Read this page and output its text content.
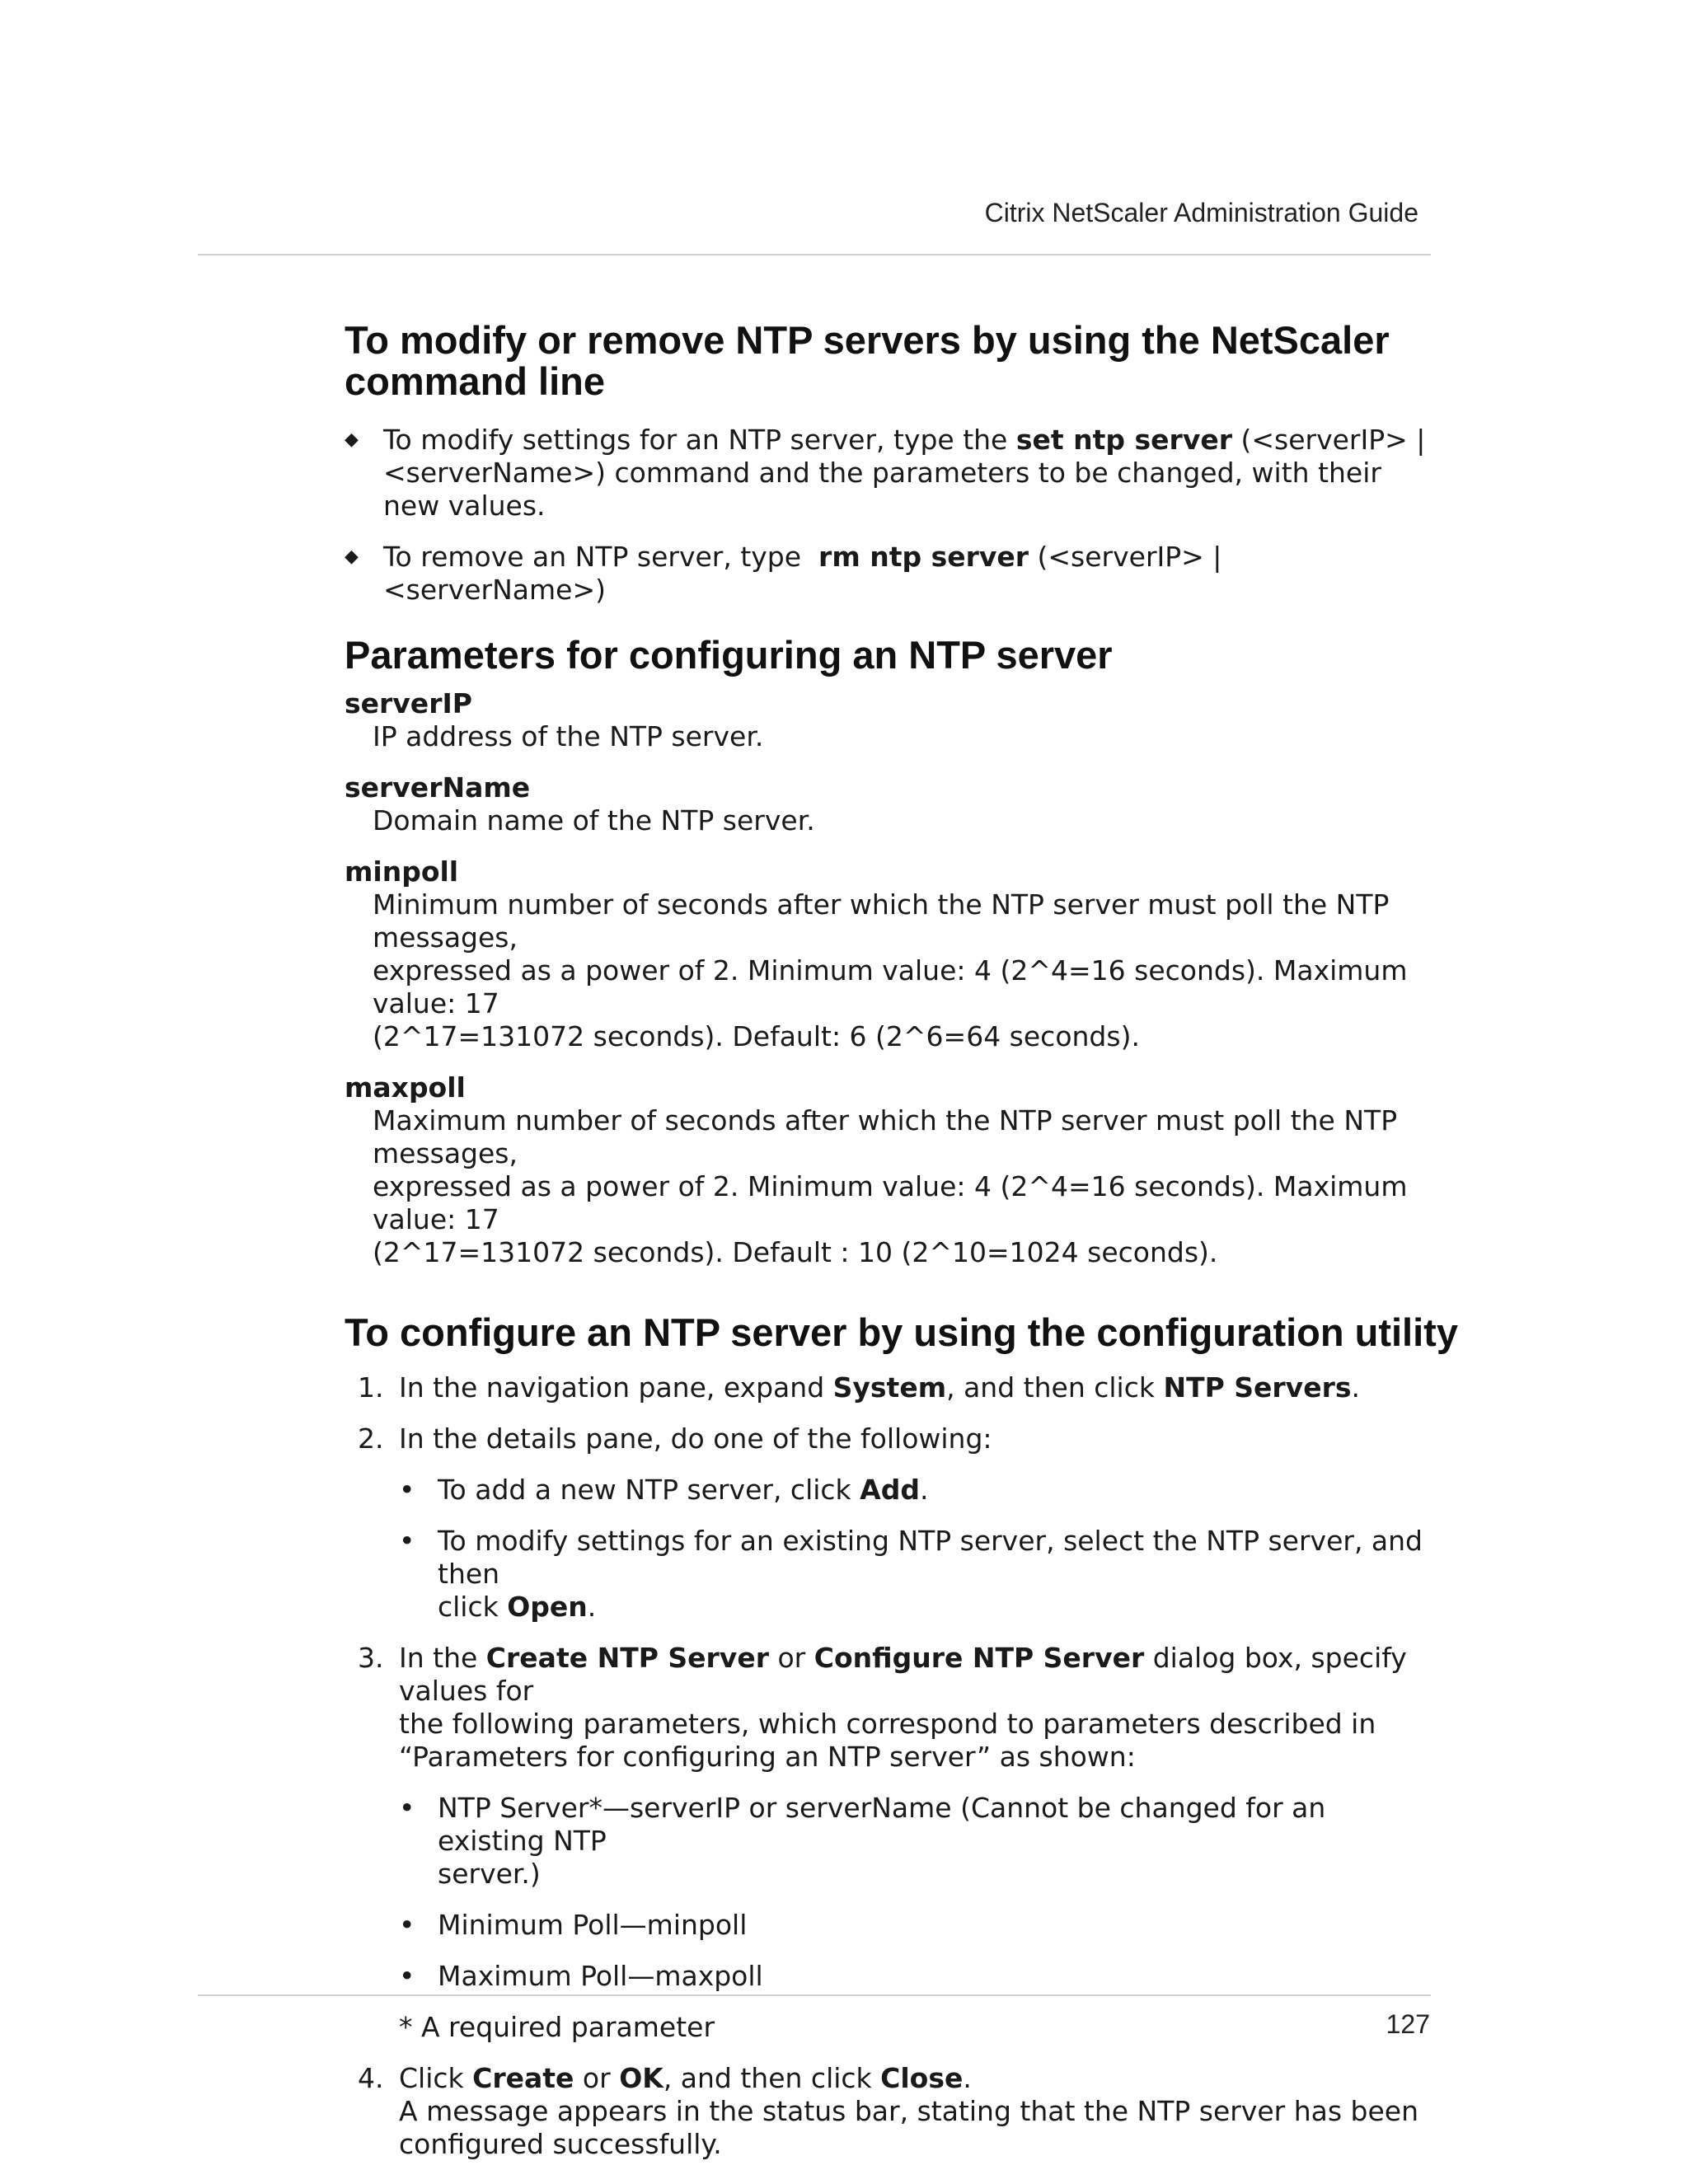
Citrix NetScaler Administration Guide
To modify or remove NTP servers by using the NetScaler
command line
◆ To modify settings for an NTP server, type the set ntp server (<serverIP> |
<serverName>) command and the parameters to be changed, with their new values.
◆ To remove an NTP server, type  rm ntp server (<serverIP> | <serverName>)
Parameters for configuring an NTP server
serverIP
IP address of the NTP server.
serverName
Domain name of the NTP server.
minpoll
Minimum number of seconds after which the NTP server must poll the NTP messages,
expressed as a power of 2. Minimum value: 4 (2^4=16 seconds). Maximum value: 17
(2^17=131072 seconds). Default: 6 (2^6=64 seconds).
maxpoll
Maximum number of seconds after which the NTP server must poll the NTP messages,
expressed as a power of 2. Minimum value: 4 (2^4=16 seconds). Maximum value: 17
(2^17=131072 seconds). Default : 10 (2^10=1024 seconds).
To configure an NTP server by using the configuration utility
1. In the navigation pane, expand System, and then click NTP Servers.
2. In the details pane, do one of the following:
• To add a new NTP server, click Add.
• To modify settings for an existing NTP server, select the NTP server, and then
click Open.
3. In the Create NTP Server or Configure NTP Server dialog box, specify values for
the following parameters, which correspond to parameters described in
“Parameters for configuring an NTP server” as shown:
• NTP Server*—serverIP or serverName (Cannot be changed for an existing NTP
server.)
• Minimum Poll—minpoll
• Maximum Poll—maxpoll

* A required parameter

4. Click Create or OK, and then click Close.
A message appears in the status bar, stating that the NTP server has been
configured successfully.
127
